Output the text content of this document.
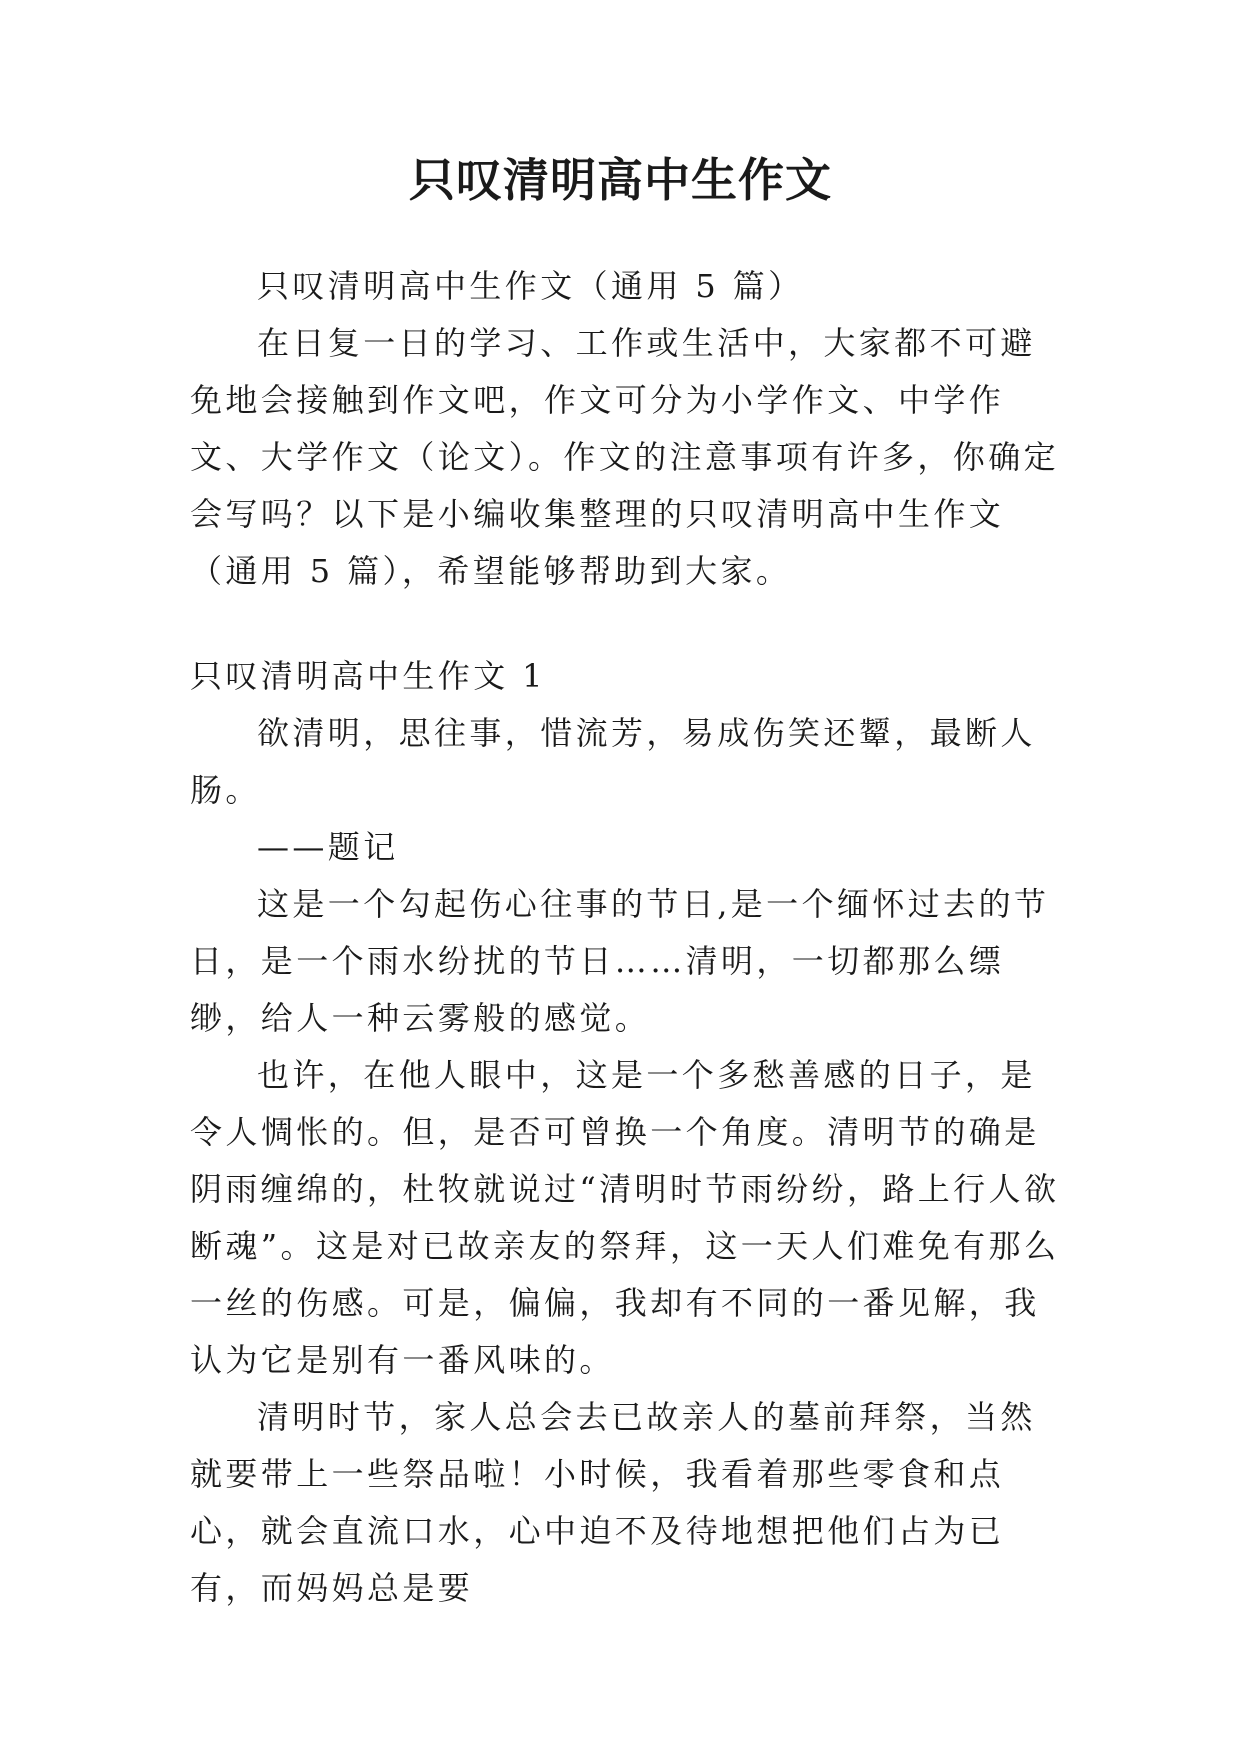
只叹清明高中生作文

只叹清明高中生作文（通用 5 篇）

在日复一日的学习、工作或生活中，大家都不可避免地会接触到作文吧，作文可分为小学作文、中学作文、大学作文（论文）。作文的注意事项有许多，你确定会写吗？以下是小编收集整理的只叹清明高中生作文（通用 5 篇），希望能够帮助到大家。

只叹清明高中生作文 1

欲清明，思往事，惜流芳，易成伤笑还颦，最断人肠。

——题记

这是一个勾起伤心往事的节日,是一个缅怀过去的节日，是一个雨水纷扰的节日……清明，一切都那么缥缈，给人一种云雾般的感觉。

也许，在他人眼中，这是一个多愁善感的日子，是令人惆怅的。但，是否可曾换一个角度。清明节的确是阴雨缠绵的，杜牧就说过“清明时节雨纷纷，路上行人欲断魂”。这是对已故亲友的祭拜，这一天人们难免有那么一丝的伤感。可是，偏偏，我却有不同的一番见解，我认为它是别有一番风味的。

清明时节，家人总会去已故亲人的墓前拜祭，当然就要带上一些祭品啦！小时候，我看着那些零食和点心，就会直流口水，心中迫不及待地想把他们占为已有，而妈妈总是要
